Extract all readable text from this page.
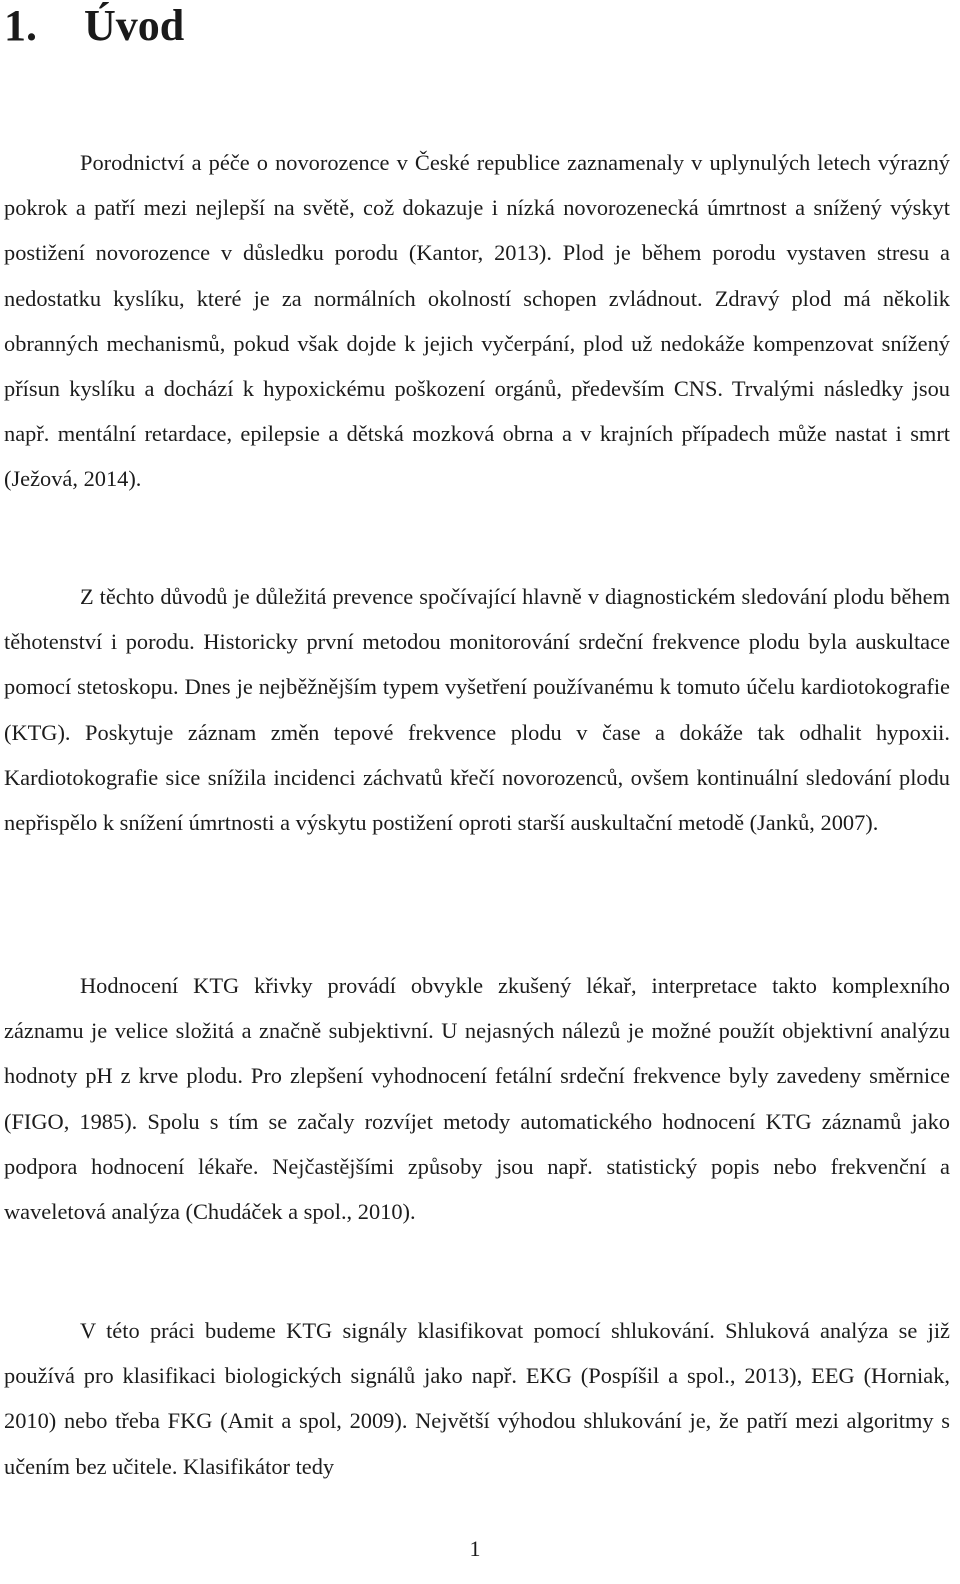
1. Úvod

Porodnictví a péče o novorozence v České republice zaznamenaly v uplynulých letech výrazný pokrok a patří mezi nejlepší na světě, což dokazuje i nízká novorozenecká úmrtnost a snížený výskyt postižení novorozence v důsledku porodu (Kantor, 2013). Plod je během porodu vystaven stresu a nedostatku kyslíku, které je za normálních okolností schopen zvládnout. Zdravý plod má několik obranných mechanismů, pokud však dojde k jejich vyčerpání, plod už nedokáže kompenzovat snížený přísun kyslíku a dochází k hypoxickému poškození orgánů, především CNS. Trvalými následky jsou např. mentální retardace, epilepsie a dětská mozková obrna a v krajních případech může nastat i smrt (Ježová, 2014).

Z těchto důvodů je důležitá prevence spočívající hlavně v diagnostickém sledování plodu během těhotenství i porodu. Historicky první metodou monitorování srdeční frekvence plodu byla auskultace pomocí stetoskopu. Dnes je nejběžnějším typem vyšetření používanému k tomuto účelu kardiotokografie (KTG). Poskytuje záznam změn tepové frekvence plodu v čase a dokáže tak odhalit hypoxii. Kardiotokografie sice snížila incidenci záchvatů křečí novorozenců, ovšem kontinuální sledování plodu nepřispělo k snížení úmrtnosti a výskytu postižení oproti starší auskultační metodě (Janků, 2007).

Hodnocení KTG křivky provádí obvykle zkušený lékař, interpretace takto komplexního záznamu je velice složitá a značně subjektivní. U nejasných nálezů je možné použít objektivní analýzu hodnoty pH z krve plodu. Pro zlepšení vyhodnocení fetální srdeční frekvence byly zavedeny směrnice (FIGO, 1985). Spolu s tím se začaly rozvíjet metody automatického hodnocení KTG záznamů jako podpora hodnocení lékaře. Nejčastějšími způsoby jsou např. statistický popis nebo frekvenční a waveletová analýza (Chudáček a spol., 2010).

V této práci budeme KTG signály klasifikovat pomocí shlukování. Shluková analýza se již používá pro klasifikaci biologických signálů jako např. EKG (Pospíšil a spol., 2013), EEG (Horniak, 2010) nebo třeba FKG (Amit a spol, 2009). Největší výhodou shlukování je, že patří mezi algoritmy s učením bez učitele. Klasifikátor tedy

1
